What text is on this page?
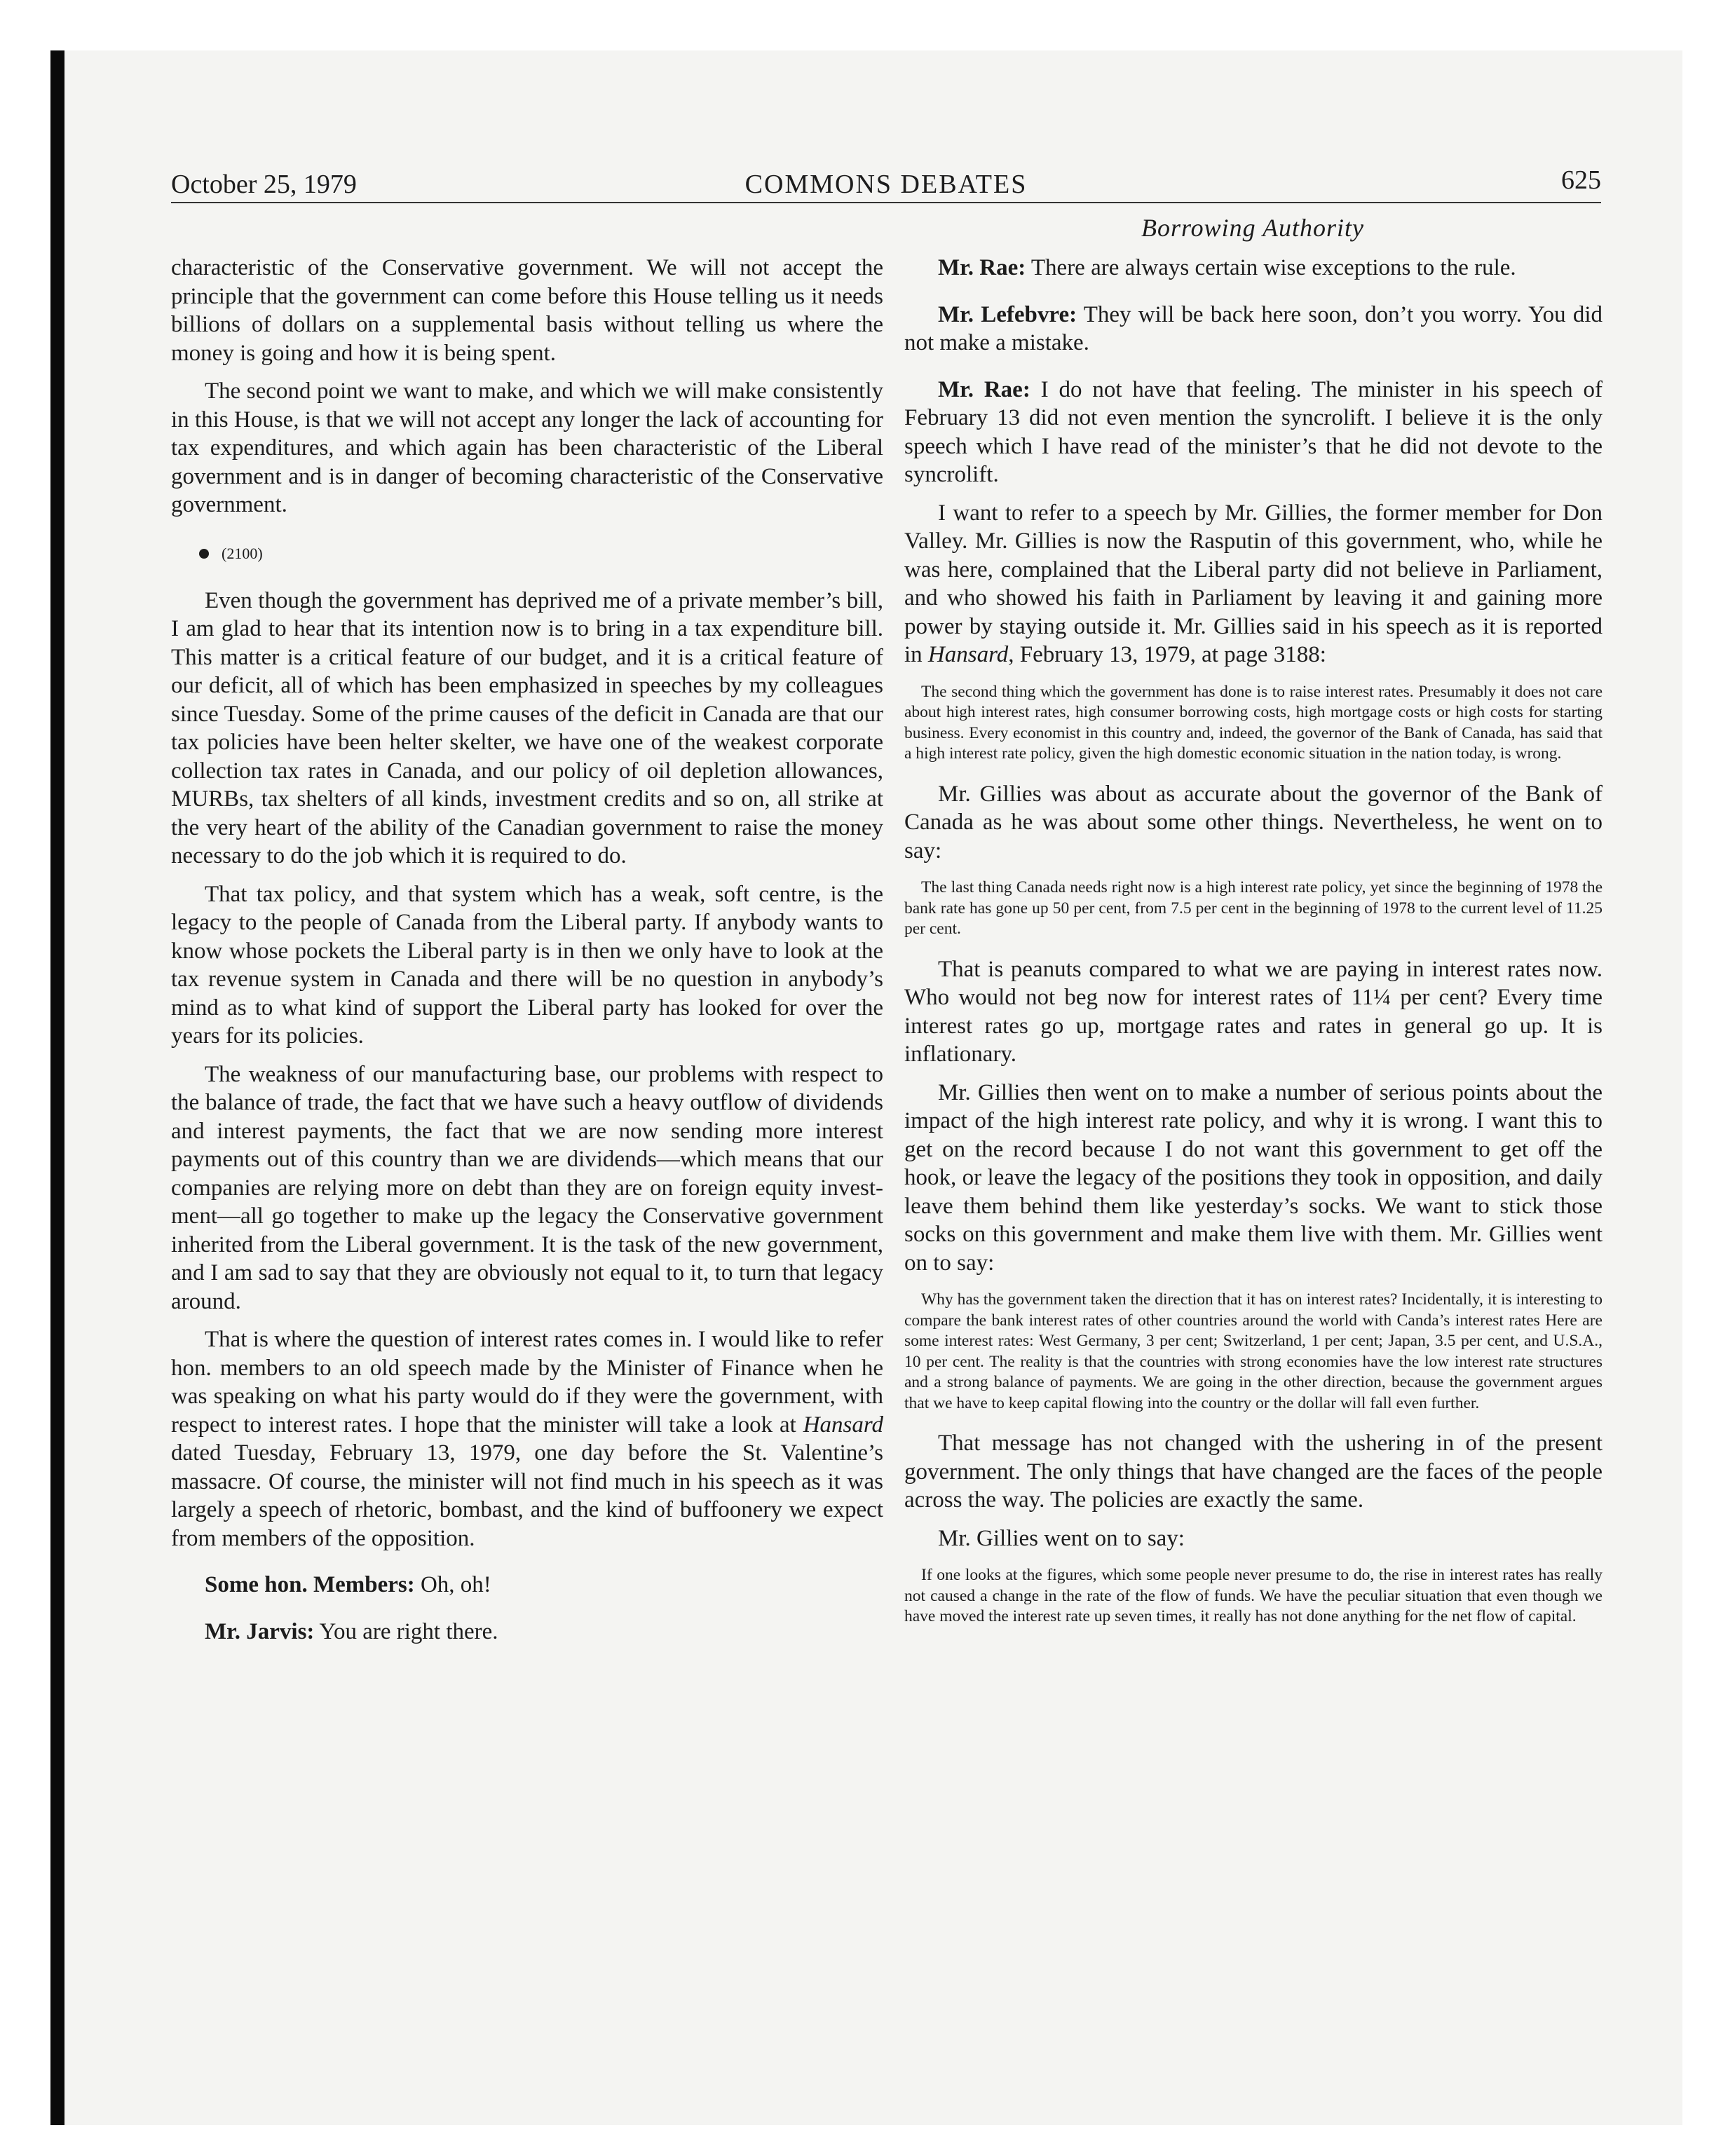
October 25, 1979	COMMONS DEBATES	625
Borrowing Authority

characteristic of the Conservative government. We will not accept the principle that the government can come before this House telling us it needs billions of dollars on a supplemental basis without telling us where the money is going and how it is being spent.

The second point we want to make, and which we will make consistently in this House, is that we will not accept any longer the lack of accounting for tax expenditures, and which again has been characteristic of the Liberal government and is in danger of becoming characteristic of the Conservative government.

(2100)

Even though the government has deprived me of a private member’s bill, I am glad to hear that its intention now is to bring in a tax expenditure bill. This matter is a critical feature of our budget, and it is a critical feature of our deficit, all of which has been emphasized in speeches by my colleagues since Tuesday. Some of the prime causes of the deficit in Canada are that our tax policies have been helter skelter, we have one of the weakest corporate collection tax rates in Canada, and our policy of oil depletion allowances, MURBs, tax shelters of all kinds, investment credits and so on, all strike at the very heart of the ability of the Canadian government to raise the money necessary to do the job which it is required to do.

That tax policy, and that system which has a weak, soft centre, is the legacy to the people of Canada from the Liberal party. If anybody wants to know whose pockets the Liberal party is in then we only have to look at the tax revenue system in Canada and there will be no question in anybody’s mind as to what kind of support the Liberal party has looked for over the years for its policies.

The weakness of our manufacturing base, our problems with respect to the balance of trade, the fact that we have such a heavy outflow of dividends and interest payments, the fact that we are now sending more interest payments out of this country than we are dividends—which means that our companies are relying more on debt than they are on foreign equity investment—all go together to make up the legacy the Conservative government inherited from the Liberal government. It is the task of the new government, and I am sad to say that they are obviously not equal to it, to turn that legacy around.

That is where the question of interest rates comes in. I would like to refer hon. members to an old speech made by the Minister of Finance when he was speaking on what his party would do if they were the government, with respect to interest rates. I hope that the minister will take a look at Hansard dated Tuesday, February 13, 1979, one day before the St. Valentine’s massacre. Of course, the minister will not find much in his speech as it was largely a speech of rhetoric, bombast, and the kind of buffoonery we expect from members of the opposition.

Some hon. Members: Oh, oh!

Mr. Jarvis: You are right there.

Mr. Rae: There are always certain wise exceptions to the rule.

Mr. Lefebvre: They will be back here soon, don’t you worry. You did not make a mistake.

Mr. Rae: I do not have that feeling. The minister in his speech of February 13 did not even mention the syncrolift. I believe it is the only speech which I have read of the minister’s that he did not devote to the syncrolift.

I want to refer to a speech by Mr. Gillies, the former member for Don Valley. Mr. Gillies is now the Rasputin of this government, who, while he was here, complained that the Liberal party did not believe in Parliament, and who showed his faith in Parliament by leaving it and gaining more power by staying outside it. Mr. Gillies said in his speech as it is reported in Hansard, February 13, 1979, at page 3188:

The second thing which the government has done is to raise interest rates. Presumably it does not care about high interest rates, high consumer borrowing costs, high mortgage costs or high costs for starting business. Every economist in this country and, indeed, the governor of the Bank of Canada, has said that a high interest rate policy, given the high domestic economic situation in the nation today, is wrong.

Mr. Gillies was about as accurate about the governor of the Bank of Canada as he was about some other things. Nevertheless, he went on to say:

The last thing Canada needs right now is a high interest rate policy, yet since the beginning of 1978 the bank rate has gone up 50 per cent, from 7.5 per cent in the beginning of 1978 to the current level of 11.25 per cent.

That is peanuts compared to what we are paying in interest rates now. Who would not beg now for interest rates of 11¼ per cent? Every time interest rates go up, mortgage rates and rates in general go up. It is inflationary.

Mr. Gillies then went on to make a number of serious points about the impact of the high interest rate policy, and why it is wrong. I want this to get on the record because I do not want this government to get off the hook, or leave the legacy of the positions they took in opposition, and daily leave them behind them like yesterday’s socks. We want to stick those socks on this government and make them live with them. Mr. Gillies went on to say:

Why has the government taken the direction that it has on interest rates? Incidentally, it is interesting to compare the bank interest rates of other countries around the world with Canda’s interest rates Here are some interest rates: West Germany, 3 per cent; Switzerland, 1 per cent; Japan, 3.5 per cent, and U.S.A., 10 per cent. The reality is that the countries with strong economies have the low interest rate structures and a strong balance of payments. We are going in the other direction, because the government argues that we have to keep capital flowing into the country or the dollar will fall even further.

That message has not changed with the ushering in of the present government. The only things that have changed are the faces of the people across the way. The policies are exactly the same.

Mr. Gillies went on to say:

If one looks at the figures, which some people never presume to do, the rise in interest rates has really not caused a change in the rate of the flow of funds. We have the peculiar situation that even though we have moved the interest rate up seven times, it really has not done anything for the net flow of capital.
